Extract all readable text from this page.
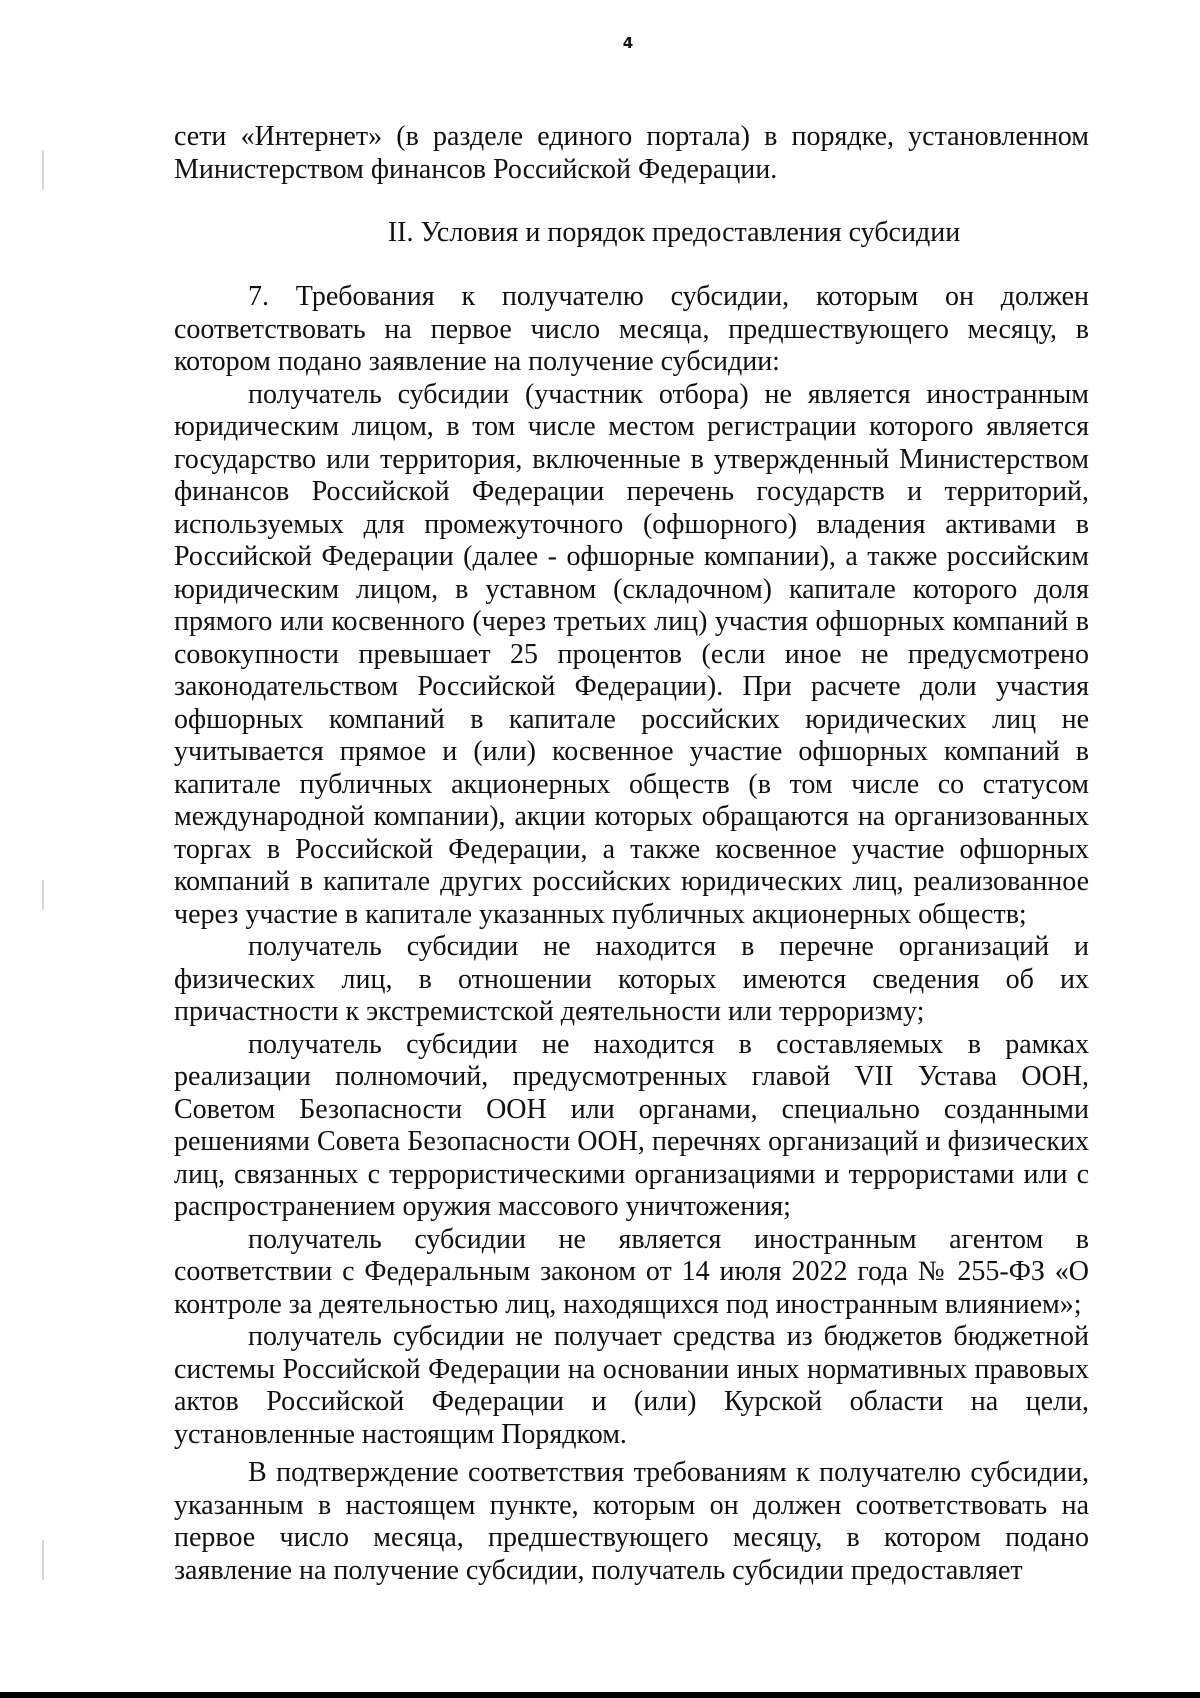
4

сети «Интернет» (в разделе единого портала) в порядке, установленном Министерством финансов Российской Федерации.

II. Условия и порядок предоставления субсидии

7. Требования к получателю субсидии, которым он должен соответствовать на первое число месяца, предшествующего месяцу, в котором подано заявление на получение субсидии:

получатель субсидии (участник отбора) не является иностранным юридическим лицом, в том числе местом регистрации которого является государство или территория, включенные в утвержденный Министерством финансов Российской Федерации перечень государств и территорий, используемых для промежуточного (офшорного) владения активами в Российской Федерации (далее - офшорные компании), а также российским юридическим лицом, в уставном (складочном) капитале которого доля прямого или косвенного (через третьих лиц) участия офшорных компаний в совокупности превышает 25 процентов (если иное не предусмотрено законодательством Российской Федерации). При расчете доли участия офшорных компаний в капитале российских юридических лиц не учитывается прямое и (или) косвенное участие офшорных компаний в капитале публичных акционерных обществ (в том числе со статусом международной компании), акции которых обращаются на организованных торгах в Российской Федерации, а также косвенное участие офшорных компаний в капитале других российских юридических лиц, реализованное через участие в капитале указанных публичных акционерных обществ;

получатель субсидии не находится в перечне организаций и физических лиц, в отношении которых имеются сведения об их причастности к экстремистской деятельности или терроризму;

получатель субсидии не находится в составляемых в рамках реализации полномочий, предусмотренных главой VII Устава ООН, Советом Безопасности ООН или органами, специально созданными решениями Совета Безопасности ООН, перечнях организаций и физических лиц, связанных с террористическими организациями и террористами или с распространением оружия массового уничтожения;

получатель субсидии не является иностранным агентом в соответствии с Федеральным законом от 14 июля 2022 года № 255-ФЗ «О контроле за деятельностью лиц, находящихся под иностранным влиянием»;

получатель субсидии не получает средства из бюджетов бюджетной системы Российской Федерации на основании иных нормативных правовых актов Российской Федерации и (или) Курской области на цели, установленные настоящим Порядком.

В подтверждение соответствия требованиям к получателю субсидии, указанным в настоящем пункте, которым он должен соответствовать на первое число месяца, предшествующего месяцу, в котором подано заявление на получение субсидии, получатель субсидии предоставляет
